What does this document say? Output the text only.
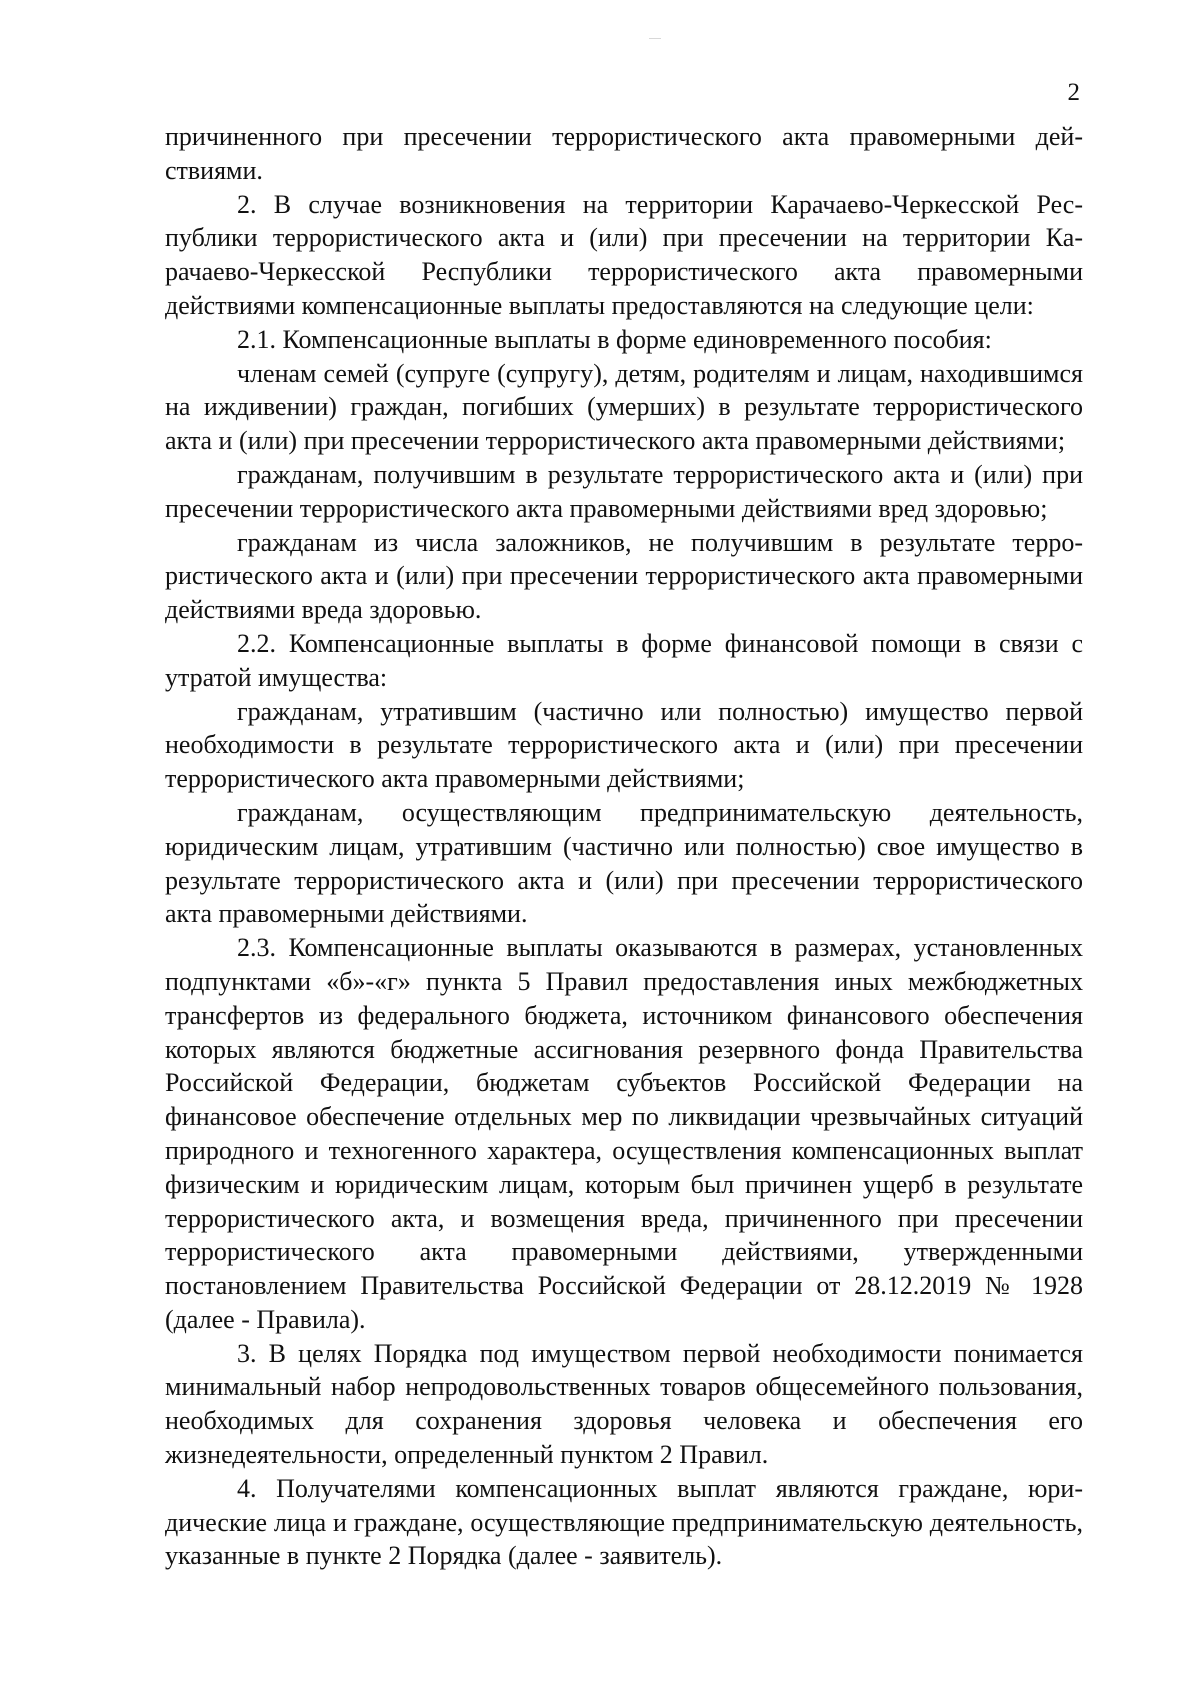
2

причиненного при пресечении террористического акта правомерными действиями.

2. В случае возникновения на территории Карачаево-Черкесской Республики террористического акта и (или) при пресечении на территории Карачаево-Черкесской Республики террористического акта правомерными действиями компенсационные выплаты предоставляются на следующие цели:

2.1. Компенсационные выплаты в форме единовременного пособия:

членам семей (супруге (супругу), детям, родителям и лицам, находившимся на иждивении) граждан, погибших (умерших) в результате террористического акта и (или) при пресечении террористического акта правомерными действиями;

гражданам, получившим в результате террористического акта и (или) при пресечении террористического акта правомерными действиями вред здоровью;

гражданам из числа заложников, не получившим в результате террористического акта и (или) при пресечении террористического акта правомерными действиями вреда здоровью.

2.2. Компенсационные выплаты в форме финансовой помощи в связи с утратой имущества:

гражданам, утратившим (частично или полностью) имущество первой необходимости в результате террористического акта и (или) при пресечении террористического акта правомерными действиями;

гражданам, осуществляющим предпринимательскую деятельность, юридическим лицам, утратившим (частично или полностью) свое имущество в результате террористического акта и (или) при пресечении террористического акта правомерными действиями.

2.3. Компенсационные выплаты оказываются в размерах, установленных подпунктами «б»-«г» пункта 5 Правил предоставления иных межбюджетных трансфертов из федерального бюджета, источником финансового обеспечения которых являются бюджетные ассигнования резервного фонда Правительства Российской Федерации, бюджетам субъектов Российской Федерации на финансовое обеспечение отдельных мер по ликвидации чрезвычайных ситуаций природного и техногенного характера, осуществления компенсационных выплат физическим и юридическим лицам, которым был причинен ущерб в результате террористического акта, и возмещения вреда, причиненного при пресечении террористического акта правомерными действиями, утвержденными постановлением Правительства Российской Федерации от 28.12.2019 № 1928 (далее - Правила).

3. В целях Порядка под имуществом первой необходимости понимается минимальный набор непродовольственных товаров общесемейного пользования, необходимых для сохранения здоровья человека и обеспечения его жизнедеятельности, определенный пунктом 2 Правил.

4. Получателями компенсационных выплат являются граждане, юридические лица и граждане, осуществляющие предпринимательскую деятельность, указанные в пункте 2 Порядка (далее - заявитель).
